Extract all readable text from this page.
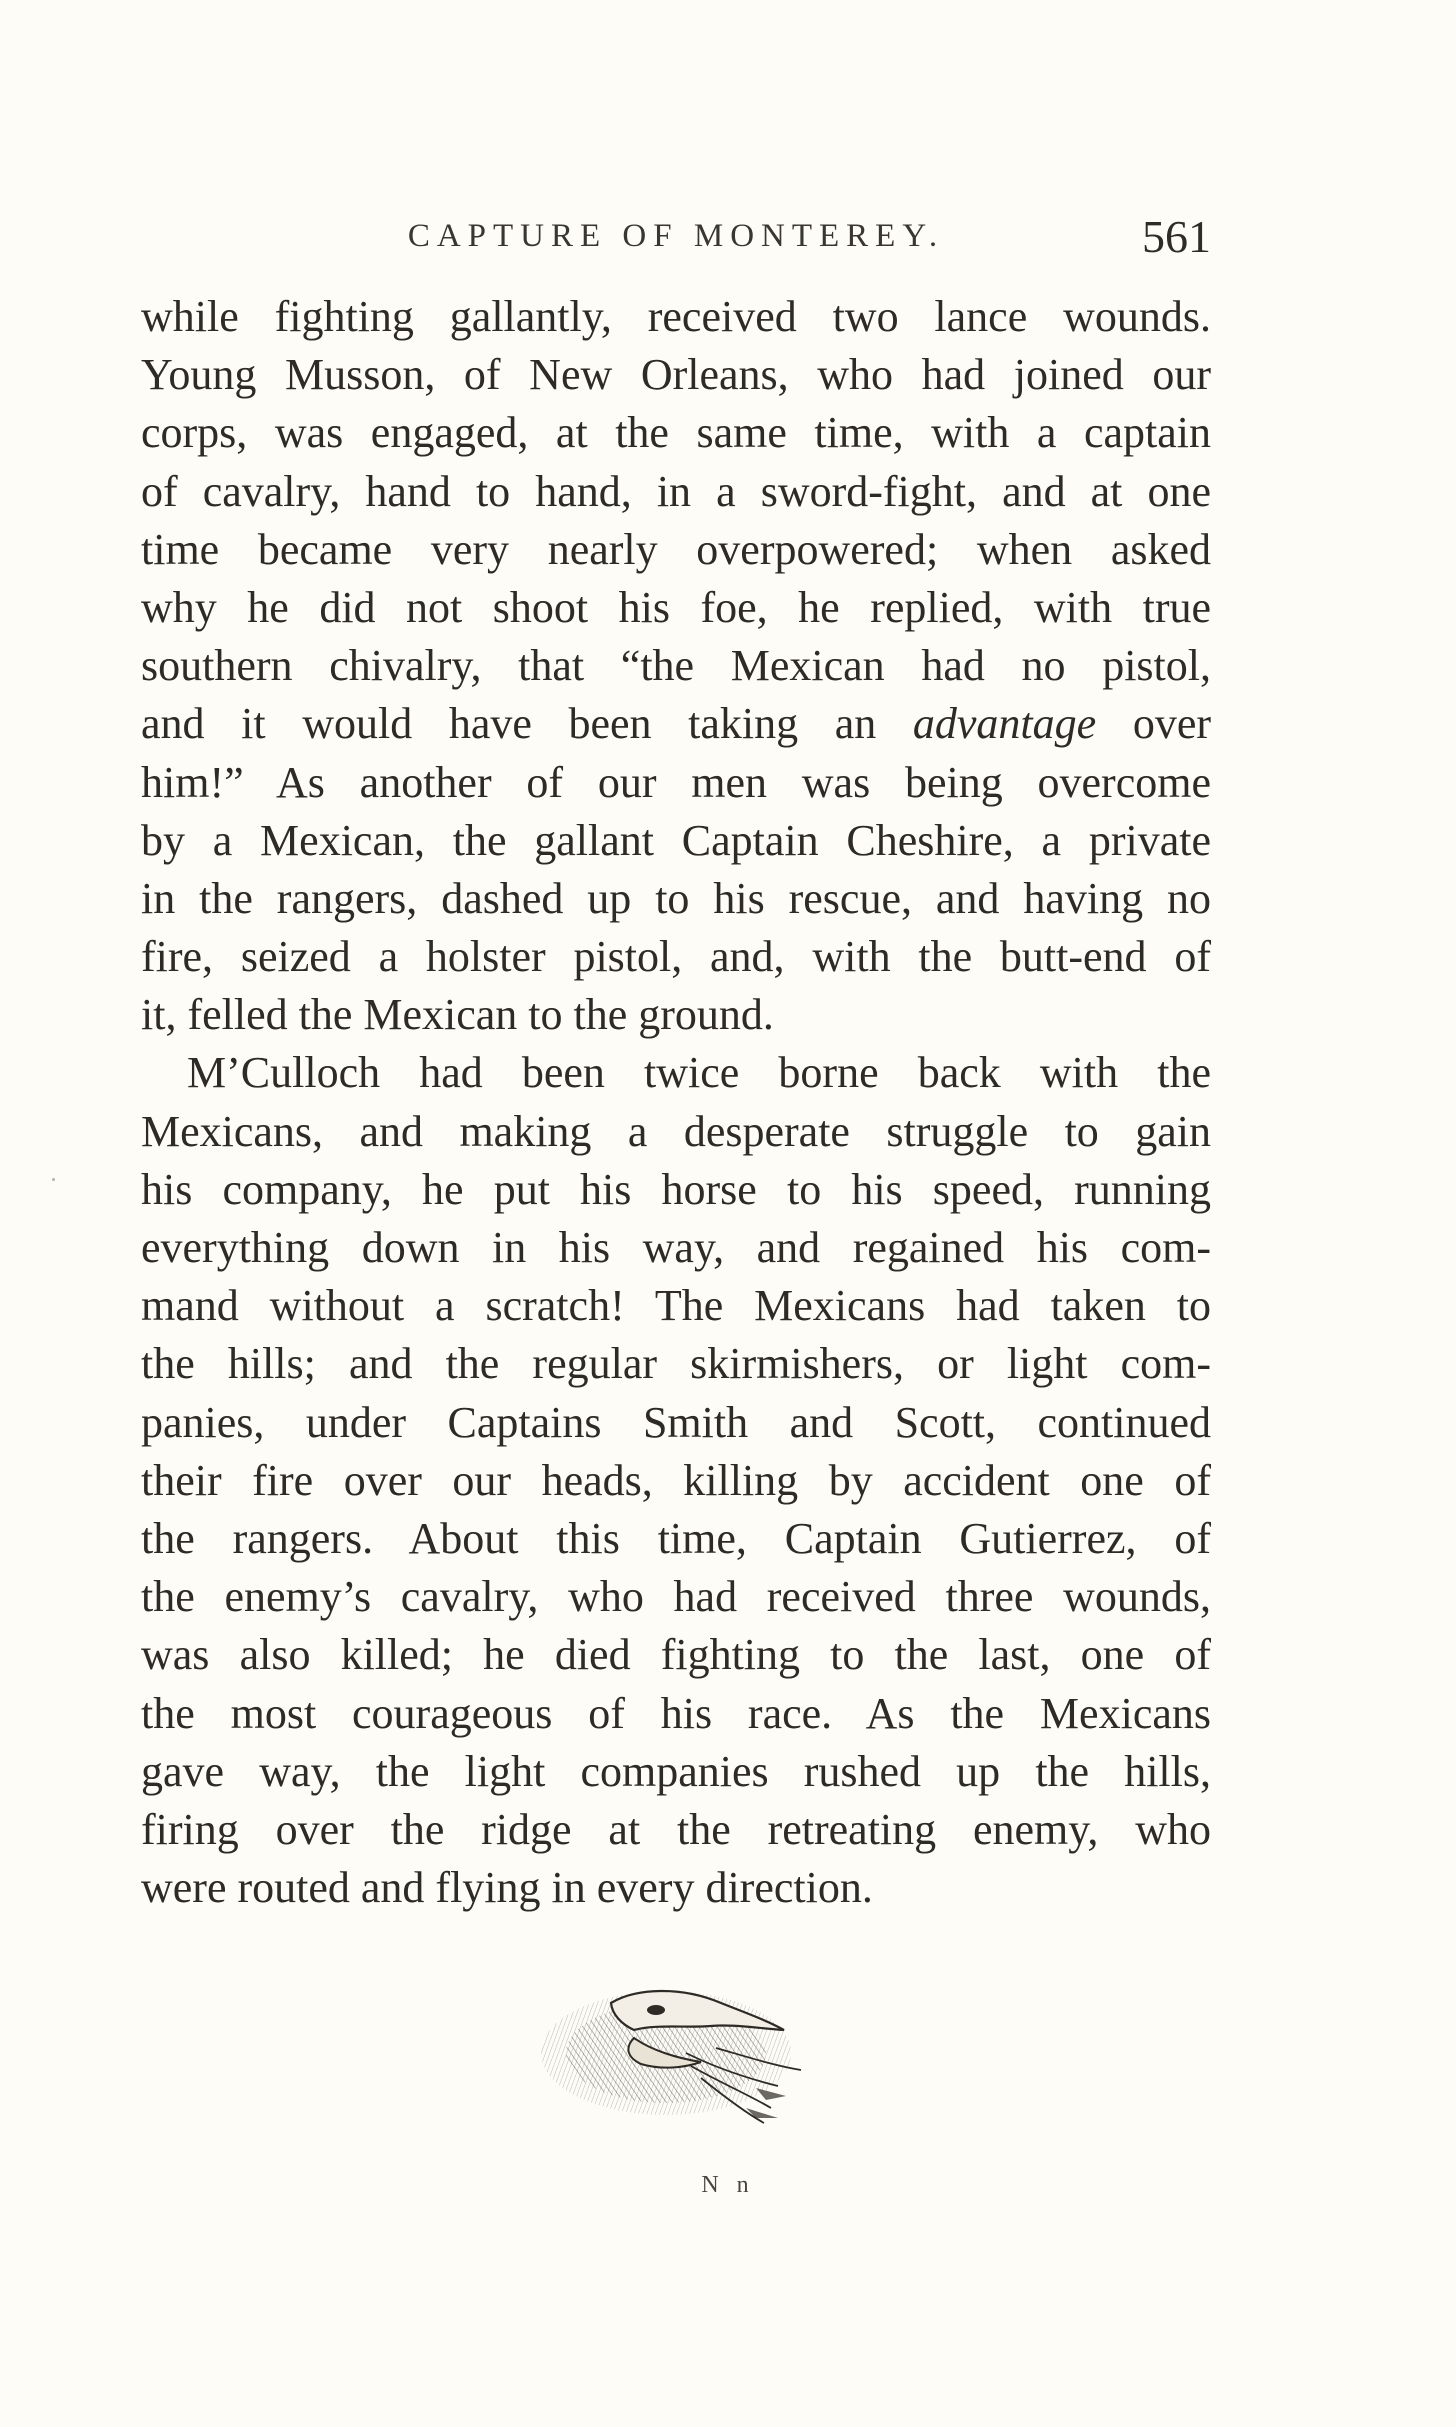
CAPTURE OF MONTEREY.	561
while fighting gallantly, received two lance wounds.
Young Musson, of New Orleans, who had joined our
corps, was engaged, at the same time, with a captain
of cavalry, hand to hand, in a sword-fight, and at one
time became very nearly overpowered; when asked
why he did not shoot his foe, he replied, with true
southern chivalry, that “the Mexican had no pistol,
and it would have been taking an advantage over
him!” As another of our men was being overcome
by a Mexican, the gallant Captain Cheshire, a private
in the rangers, dashed up to his rescue, and having no
fire, seized a holster pistol, and, with the butt-end of
it, felled the Mexican to the ground.
M’Culloch had been twice borne back with the
Mexicans, and making a desperate struggle to gain
his company, he put his horse to his speed, running
everything down in his way, and regained his com-
mand without a scratch! The Mexicans had taken to
the hills; and the regular skirmishers, or light com-
panies, under Captains Smith and Scott, continued
their fire over our heads, killing by accident one of
the rangers. About this time, Captain Gutierrez, of
the enemy’s cavalry, who had received three wounds,
was also killed; he died fighting to the last, one of
the most courageous of his race. As the Mexicans
gave way, the light companies rushed up the hills,
firing over the ridge at the retreating enemy, who
were routed and flying in every direction.
N n
